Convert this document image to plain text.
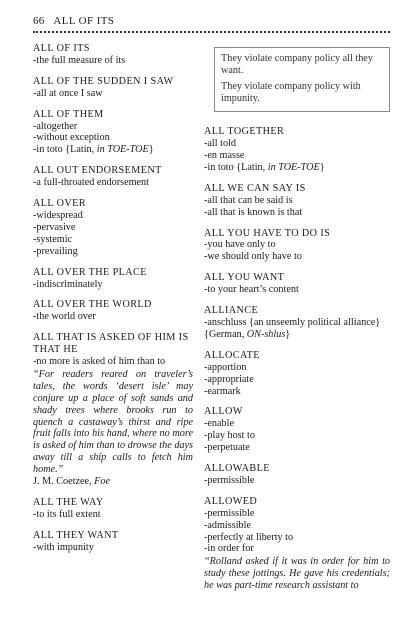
66 ALL OF ITS
ALL OF ITS
-the full measure of its
ALL OF THE SUDDEN I SAW
-all at once I saw
ALL OF THEM
-altogether
-without exception
-in toto {Latin, in TOE-TOE}
ALL OUT ENDORSEMENT
-a full-throated endorsement
ALL OVER
-widespread
-pervasive
-systemic
-prevailing
ALL OVER THE PLACE
-indiscriminately
ALL OVER THE WORLD
-the world over
ALL THAT IS ASKED OF HIM IS THAT HE
-no more is asked of him than to
“For readers reared on traveler’s tales, the words ‘desert isle’ may conjure up a place of soft sands and shady trees where brooks run to quench a castaway’s thirst and ripe fruit falls into his hand, where no more is asked of him than to drowse the days away till a ship calls to fetch him home.”
J. M. Coetzee, Foe
ALL THE WAY
-to its full extent
ALL THEY WANT
-with impunity
They violate company policy all they want.
They violate company policy with impunity.
ALL TOGETHER
-all told
-en masse
-in toto {Latin, in TOE-TOE}
ALL WE CAN SAY IS
-all that can be said is
-all that is known is that
ALL YOU HAVE TO DO IS
-you have only to
-we should only have to
ALL YOU WANT
-to your heart’s content
ALLIANCE
-anschluss {an unseemly political alliance} {German, ON-shlus}
ALLOCATE
-apportion
-appropriate
-earmark
ALLOW
-enable
-play host to
-perpetuate
ALLOWABLE
-permissible
ALLOWED
-permissible
-admissible
-perfectly at liberty to
-in order for
“Rolland asked if it was in order for him to study these jottings. He gave his credentials; he was part-time research assistant to
